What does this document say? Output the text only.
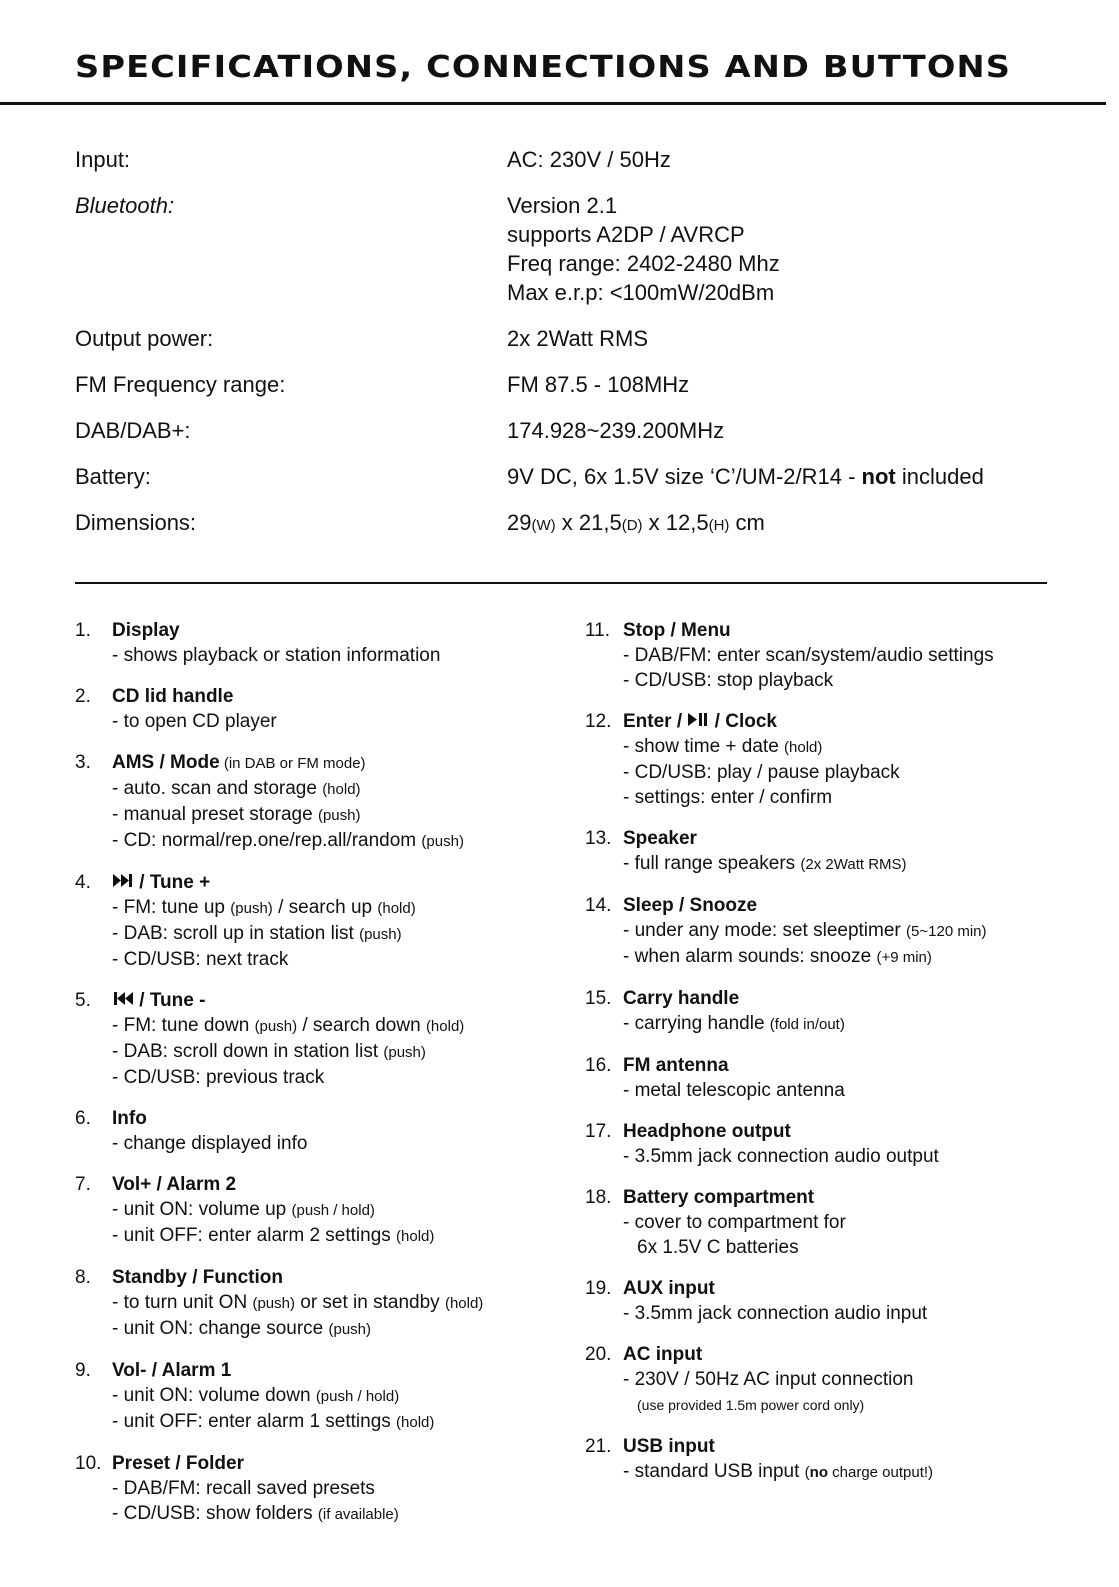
SPECIFICATIONS, CONNECTIONS AND BUTTONS
Input:	AC: 230V / 50Hz
Bluetooth:	Version 2.1
supports A2DP / AVRCP
Freq range: 2402-2480 Mhz
Max e.r.p: <100mW/20dBm
Output power:	2x 2Watt RMS
FM Frequency range:	FM 87.5 - 108MHz
DAB/DAB+:	174.928~239.200MHz
Battery:	9V DC, 6x 1.5V size ‘C’/UM-2/R14 - not included
Dimensions:	29(W) x 21,5(D) x 12,5(H) cm
1. Display
- shows playback or station information
2. CD lid handle
- to open CD player
3. AMS / Mode (in DAB or FM mode)
- auto. scan and storage (hold)
- manual preset storage (push)
- CD: normal/rep.one/rep.all/random (push)
4.	/ Tune +
- FM: tune up (push) / search up (hold)
- DAB: scroll up in station list (push)
- CD/USB: next track
5.	/ Tune -
- FM: tune down (push) / search down (hold)
- DAB: scroll down in station list (push)
- CD/USB: previous track
6. Info
- change displayed info
7. Vol+ / Alarm 2
- unit ON: volume up (push / hold)
- unit OFF: enter alarm 2 settings (hold)
8. Standby / Function
- to turn unit ON (push) or set in standby (hold)
- unit ON: change source (push)
9. Vol- / Alarm 1
- unit ON: volume down (push / hold)
- unit OFF: enter alarm 1 settings (hold)
10. Preset / Folder
- DAB/FM: recall saved presets
- CD/USB: show folders (if available)
11. Stop / Menu
- DAB/FM: enter scan/system/audio settings
- CD/USB: stop playback
12. Enter /  / Clock
- show time + date (hold)
- CD/USB: play / pause playback
- settings: enter / confirm
13. Speaker
- full range speakers (2x 2Watt RMS)
14. Sleep / Snooze
- under any mode: set sleeptimer (5~120 min)
- when alarm sounds: snooze (+9 min)
15. Carry handle
- carrying handle (fold in/out)
16. FM antenna
- metal telescopic antenna
17. Headphone output
- 3.5mm jack connection audio output
18. Battery compartment
- cover to compartment for
6x 1.5V C batteries
19. AUX input
- 3.5mm jack connection audio input
20. AC input
- 230V / 50Hz AC input connection
(use provided 1.5m power cord only)
21. USB input
- standard USB input (no charge output!)
